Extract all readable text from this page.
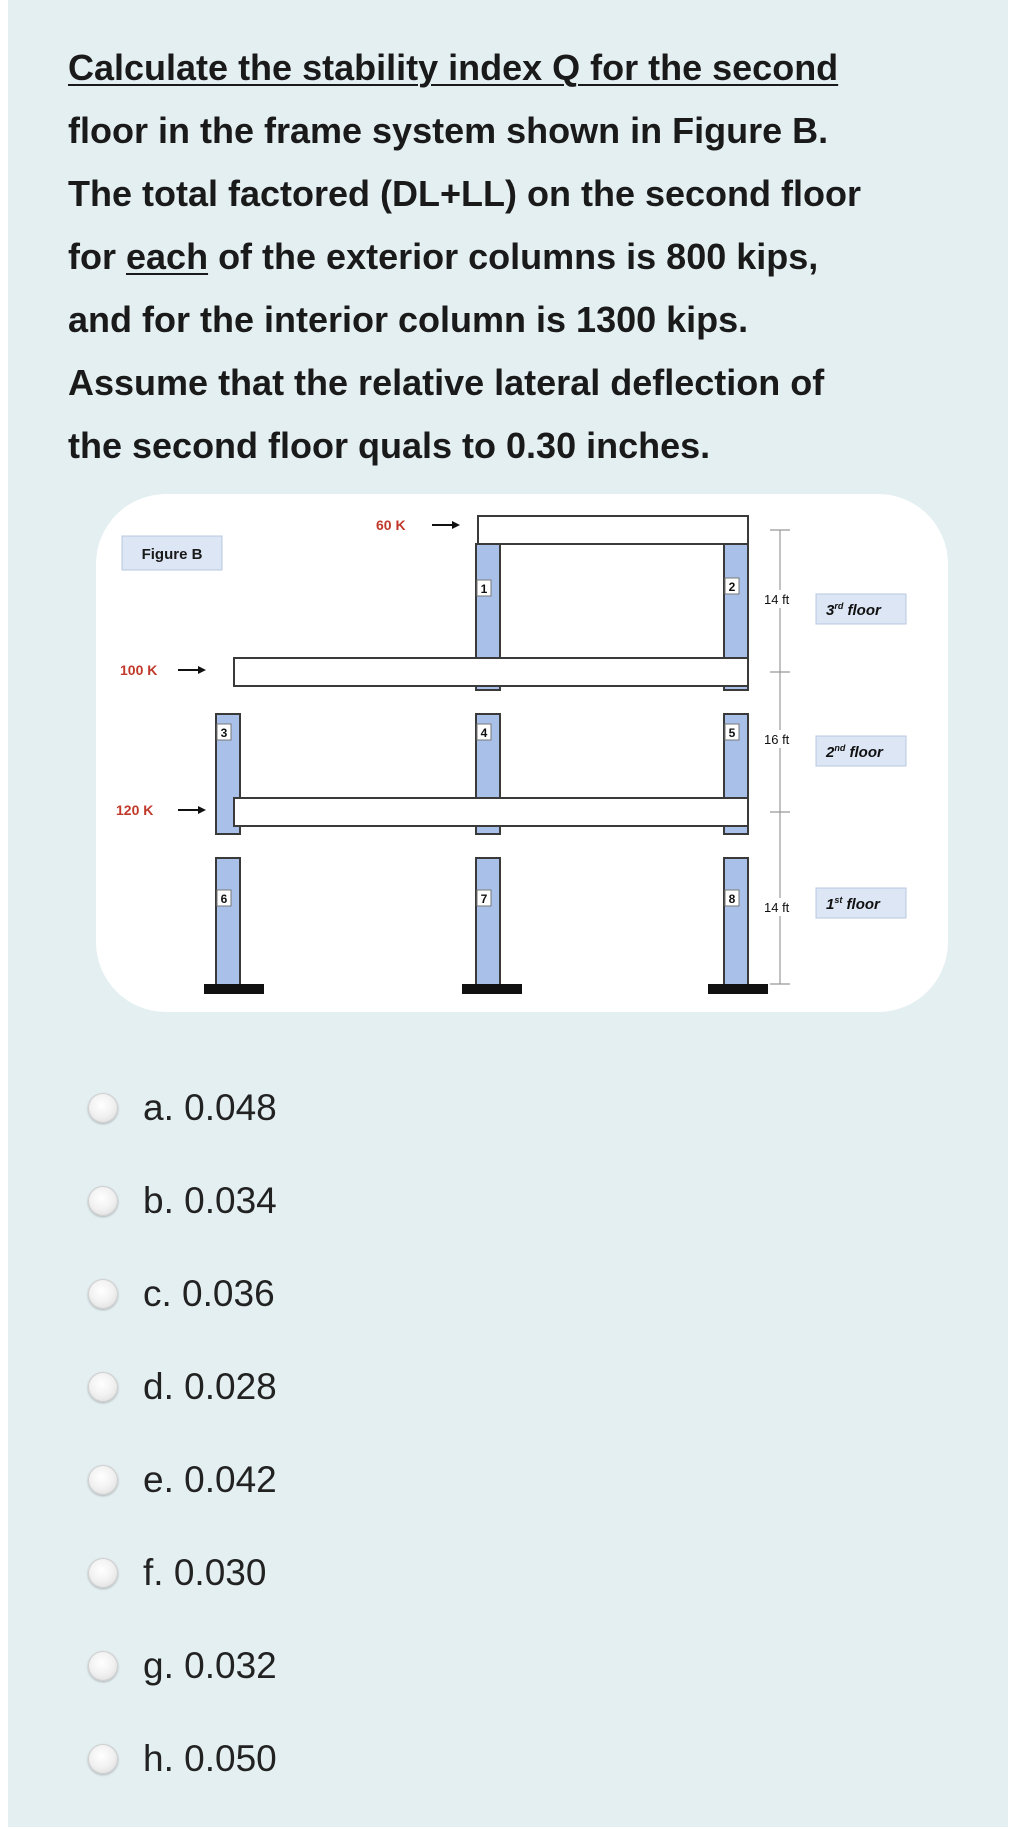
Calculate the stability index Q for the second
floor in the frame system shown in Figure B.
The total factored (DL+LL) on the second floor
for each of the exterior columns is 800 kips,
and for the interior column is 1300 kips.
Assume that the relative lateral deflection of
the second floor quals to 0.30 inches.
Figure B
1	2
3	4	5
6	7	8
60 K
100 K
120 K
14 ft
16 ft
14 ft
3rd floor
2nd floor
1st floor
a. 0.048
b. 0.034
c. 0.036
d. 0.028
e. 0.042
f. 0.030
g. 0.032
h. 0.050
